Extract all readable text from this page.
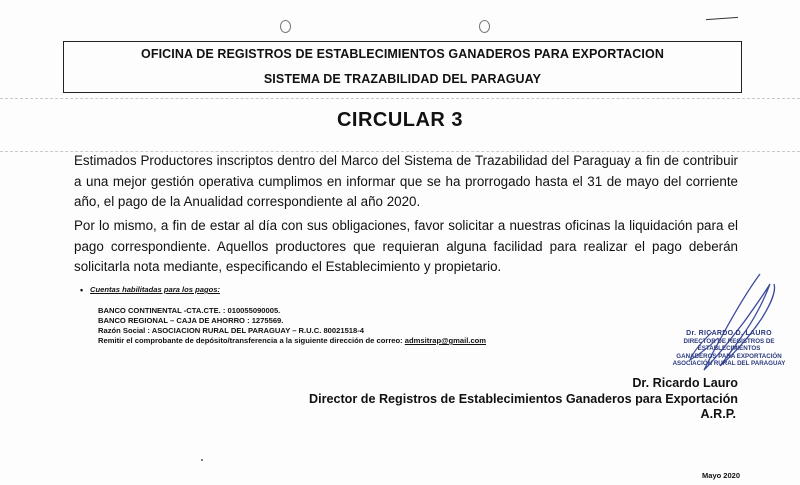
OFICINA DE REGISTROS DE ESTABLECIMIENTOS GANADEROS PARA EXPORTACION
SISTEMA DE TRAZABILIDAD DEL PARAGUAY
CIRCULAR 3

Estimados Productores inscriptos dentro del Marco del Sistema de Trazabilidad del Paraguay a fin de contribuir a una mejor gestión operativa cumplimos en informar que se ha prorrogado hasta el 31 de mayo del corriente año, el pago de la Anualidad correspondiente al año 2020.

Por lo mismo, a fin de estar al día con sus obligaciones, favor solicitar a nuestras oficinas la liquidación para el pago correspondiente. Aquellos productores que requieran alguna facilidad para realizar el pago deberán solicitarla nota mediante, especificando el Establecimiento y propietario.

• Cuentas habilitadas para los pagos:
BANCO CONTINENTAL -CTA.CTE. : 010055090005.
BANCO REGIONAL – CAJA DE AHORRO : 1275569.
Razón Social : ASOCIACION RURAL DEL PARAGUAY – R.U.C. 80021518-4
Remitir el comprobante de depósito/transferencia a la siguiente dirección de correo: admsitrap@gmail.com
Dr. RICARDO D. LAURO
DIRECTOR DE REGISTROS DE ESTABLECIMIENTOS
GANADEROS PARA EXPORTACIÓN
ASOCIACIÓN RURAL DEL PARAGUAY
Dr. Ricardo Lauro
Director de Registros de Establecimientos Ganaderos para Exportación
A.R.P.
Mayo 2020
